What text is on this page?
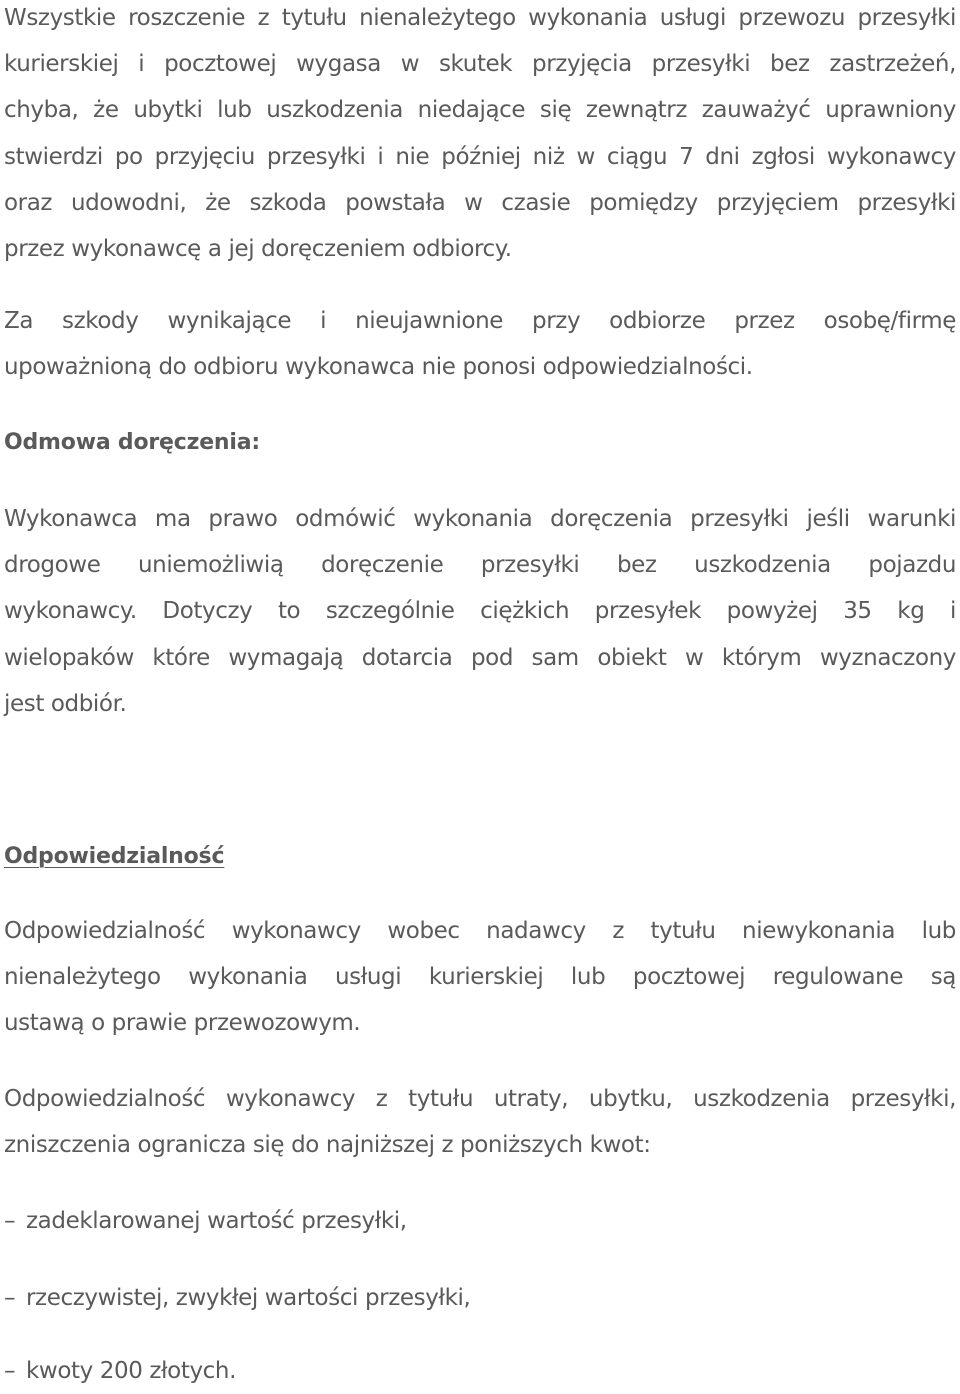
Wszystkie roszczenie z tytułu nienależytego wykonania usługi przewozu przesyłki
kurierskiej i pocztowej wygasa w skutek przyjęcia przesyłki bez zastrzeżeń,
chyba, że ubytki lub uszkodzenia niedające się zewnątrz zauważyć uprawniony
stwierdzi po przyjęciu przesyłki i nie później niż w ciągu 7 dni zgłosi wykonawcy
oraz udowodni, że szkoda powstała w czasie pomiędzy przyjęciem przesyłki
przez wykonawcę a jej doręczeniem odbiorcy.
Za szkody wynikające i nieujawnione przy odbiorze przez osobę/firmę
upoważnioną do odbioru wykonawca nie ponosi odpowiedzialności.
Odmowa doręczenia:
Wykonawca ma prawo odmówić wykonania doręczenia przesyłki jeśli warunki
drogowe uniemożliwią doręczenie przesyłki bez uszkodzenia pojazdu
wykonawcy. Dotyczy to szczególnie ciężkich przesyłek powyżej 35 kg i
wielopaków które wymagają dotarcia pod sam obiekt w którym wyznaczony
jest odbiór.
Odpowiedzialność
Odpowiedzialność wykonawcy wobec nadawcy z tytułu niewykonania lub
nienależytego wykonania usługi kurierskiej lub pocztowej regulowane są
ustawą o prawie przewozowym.
Odpowiedzialność wykonawcy z tytułu utraty, ubytku, uszkodzenia przesyłki,
zniszczenia ogranicza się do najniższej z poniższych kwot:
– zadeklarowanej wartość przesyłki,
– rzeczywistej, zwykłej wartości przesyłki,
– kwoty 200 złotych.
